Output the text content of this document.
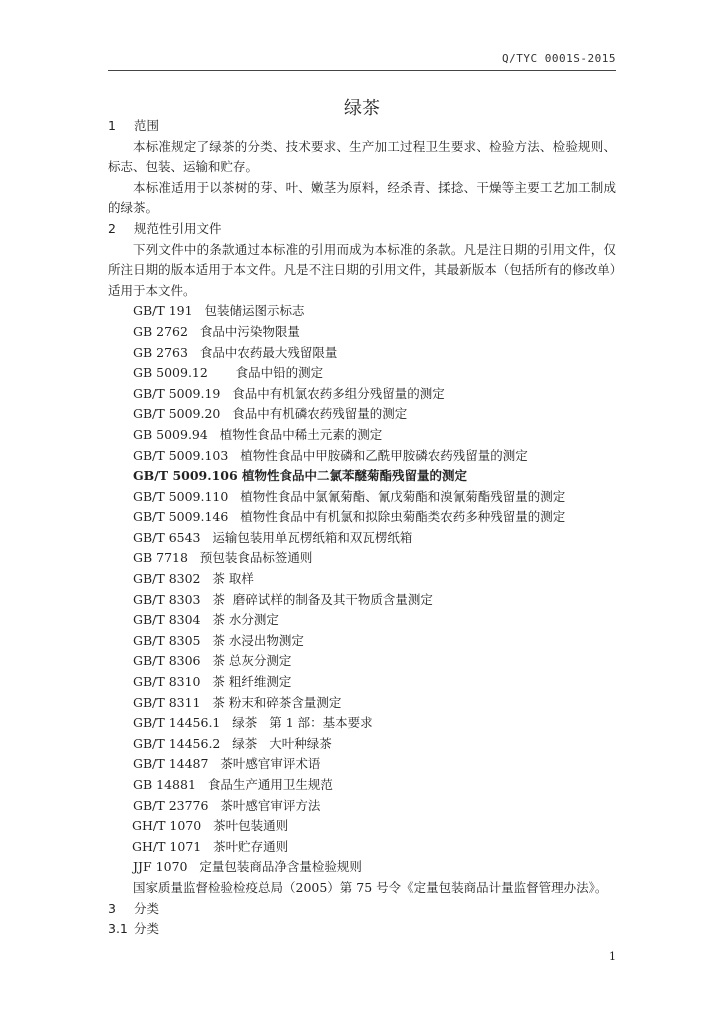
Q/TYC 0001S-2015
绿茶
1 范围
本标准规定了绿茶的分类、技术要求、生产加工过程卫生要求、检验方法、检验规则、标志、包装、运输和贮存。
本标准适用于以茶树的芽、叶、嫩茎为原料，经杀青、揉捻、干燥等主要工艺加工制成的绿茶。
2 规范性引用文件
下列文件中的条款通过本标准的引用而成为本标准的条款。凡是注日期的引用文件，仅所注日期的版本适用于本文件。凡是不注日期的引用文件，其最新版本（包括所有的修改单）适用于本文件。
GB/T 191   包装储运图示标志
GB 2762   食品中污染物限量
GB 2763   食品中农药最大残留限量
GB 5009.12       食品中铅的测定
GB/T 5009.19   食品中有机氯农药多组分残留量的测定
GB/T 5009.20   食品中有机磷农药残留量的测定
GB 5009.94   植物性食品中稀土元素的测定
GB/T 5009.103   植物性食品中甲胺磷和乙酰甲胺磷农药残留量的测定
GB/T 5009.106 植物性食品中二氯苯醚菊酯残留量的测定
GB/T 5009.110   植物性食品中氯氰菊酯、氰戊菊酯和溴氰菊酯残留量的测定
GB/T 5009.146   植物性食品中有机氯和拟除虫菊酯类农药多种残留量的测定
GB/T 6543   运输包装用单瓦楞纸箱和双瓦楞纸箱
GB 7718   预包装食品标签通则
GB/T 8302   茶 取样
GB/T 8303   茶  磨碎试样的制备及其干物质含量测定
GB/T 8304   茶 水分测定
GB/T 8305   茶 水浸出物测定
GB/T 8306   茶 总灰分测定
GB/T 8310   茶 粗纤维测定
GB/T 8311   茶 粉末和碎茶含量测定
GB/T 14456.1   绿茶   第 1 部：基本要求
GB/T 14456.2   绿茶   大叶种绿茶
GB/T 14487   茶叶感官审评术语
GB 14881   食品生产通用卫生规范
GB/T 23776   茶叶感官审评方法
GH/T 1070   茶叶包装通则
GH/T 1071   茶叶贮存通则
JJF 1070   定量包装商品净含量检验规则
国家质量监督检验检疫总局（2005）第 75 号令《定量包装商品计量监督管理办法》。
3 分类
3.1 分类
1
